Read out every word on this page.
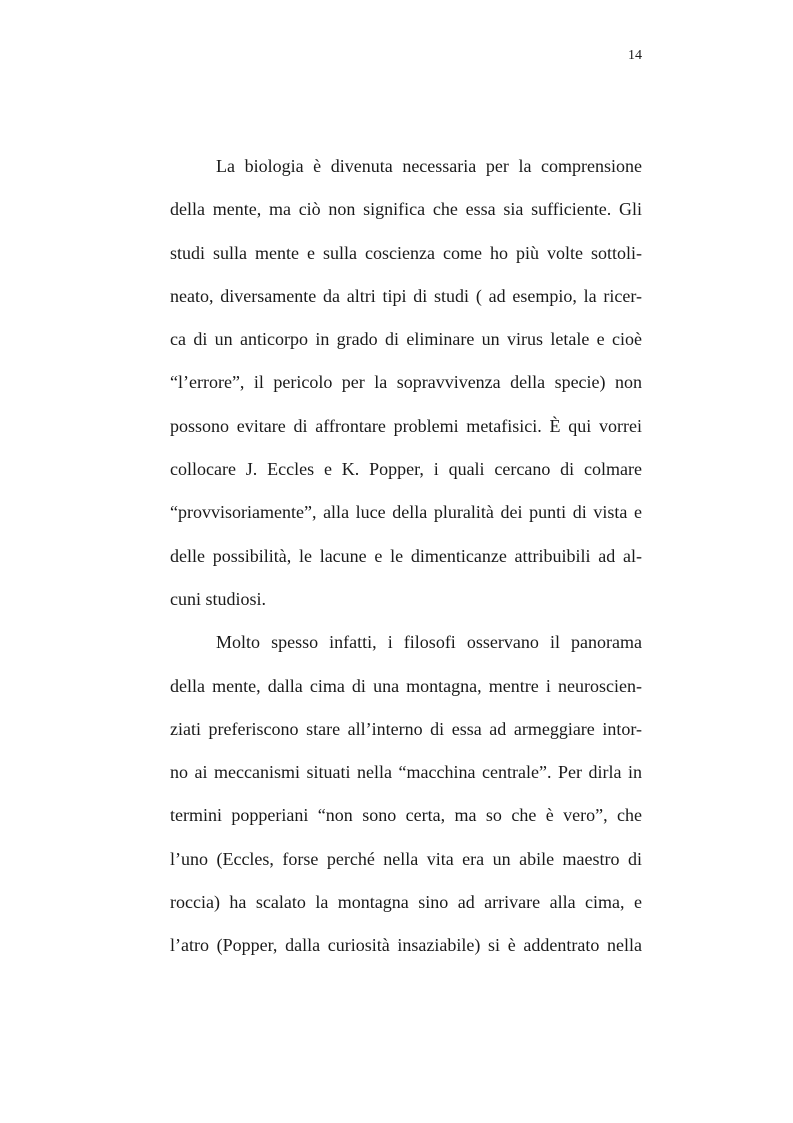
14
La biologia è divenuta necessaria per la comprensione
della mente, ma ciò non significa che essa sia sufficiente. Gli
studi sulla mente e sulla coscienza come ho più volte sottoli-
neato, diversamente da altri tipi di studi ( ad esempio, la ricer-
ca di un anticorpo in grado di eliminare un virus letale e cioè
“l’errore”, il pericolo per la sopravvivenza della specie) non
possono evitare di affrontare problemi metafisici. È qui vorrei
collocare J. Eccles e K. Popper, i quali cercano di colmare
“provvisoriamente”, alla luce della pluralità dei punti di vista e
delle possibilità, le lacune e le dimenticanze attribuibili ad al-
cuni studiosi.
Molto spesso infatti, i filosofi osservano il panorama
della mente, dalla cima di una montagna, mentre i neuroscien-
ziati preferiscono stare all’interno di essa ad armeggiare intor-
no ai meccanismi situati nella “macchina centrale”. Per dirla in
termini popperiani “non sono certa, ma so che è vero”, che
l’uno (Eccles, forse perché nella vita era un abile maestro di
roccia) ha scalato la montagna sino ad arrivare alla cima, e
l’atro (Popper, dalla curiosità insaziabile) si è addentrato nella
